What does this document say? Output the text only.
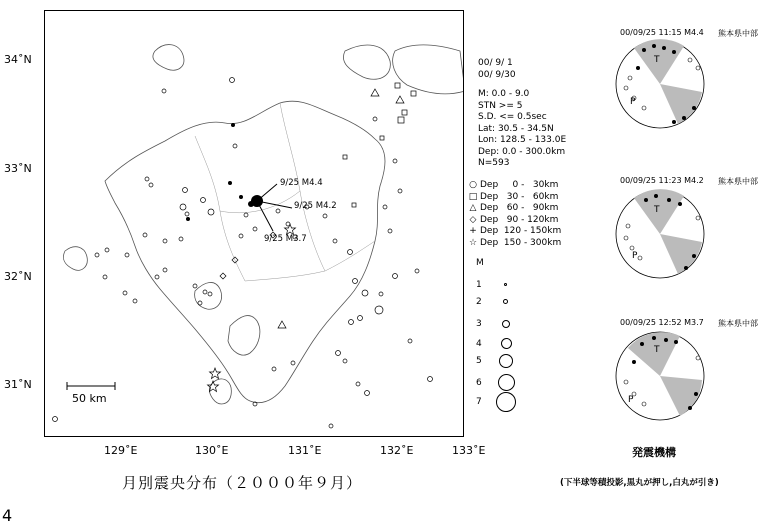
9/25 M4.4
9/25 M4.2
9/25 M3.7
50 km
34˚N
33˚N
32˚N
31˚N
129˚E	130˚E	131˚E	132˚E	133˚E
00/ 9/ 1
00/ 9/30
M: 0.0 - 9.0
STN >= 5
S.D. <= 0.5sec
Lat: 30.5 - 34.5N
Lon: 128.5 - 133.0E
Dep: 0.0 - 300.0km
N=593
○ Dep     0 -   30km
□ Dep   30 -   60km
△ Dep   60 -   90km
◇ Dep   90 - 120km
+ Dep  120 - 150km
☆ Dep  150 - 300km
M
1
2
3
4
5
6
7
00/09/25 11:15 M4.4 熊本県中部
T
P
00/09/25 11:23 M4.2 熊本県中部
T
P
00/09/25 12:52 M3.7 熊本県中部
T
P
発震機構
(下半球等積投影,黒丸が押し,白丸が引き)
月別震央分布（２０００年９月）
4
